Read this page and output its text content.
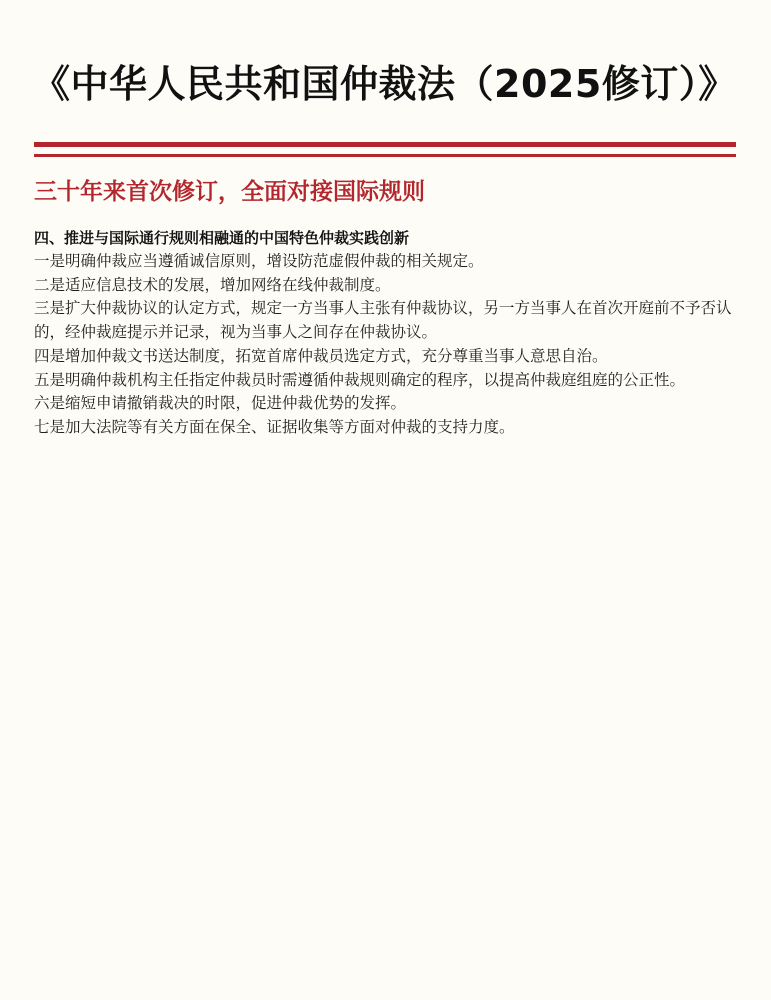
《中华人民共和国仲裁法（2025修订）》
三十年来首次修订，全面对接国际规则

四、推进与国际通行规则相融通的中国特色仲裁实践创新

一是明确仲裁应当遵循诚信原则，增设防范虚假仲裁的相关规定。

二是适应信息技术的发展，增加网络在线仲裁制度。

三是扩大仲裁协议的认定方式，规定一方当事人主张有仲裁协议，另一方当事人在首次开庭前不予否认的，经仲裁庭提示并记录，视为当事人之间存在仲裁协议。

四是增加仲裁文书送达制度，拓宽首席仲裁员选定方式，充分尊重当事人意思自治。

五是明确仲裁机构主任指定仲裁员时需遵循仲裁规则确定的程序，以提高仲裁庭组庭的公正性。

六是缩短申请撤销裁决的时限，促进仲裁优势的发挥。

七是加大法院等有关方面在保全、证据收集等方面对仲裁的支持力度。
